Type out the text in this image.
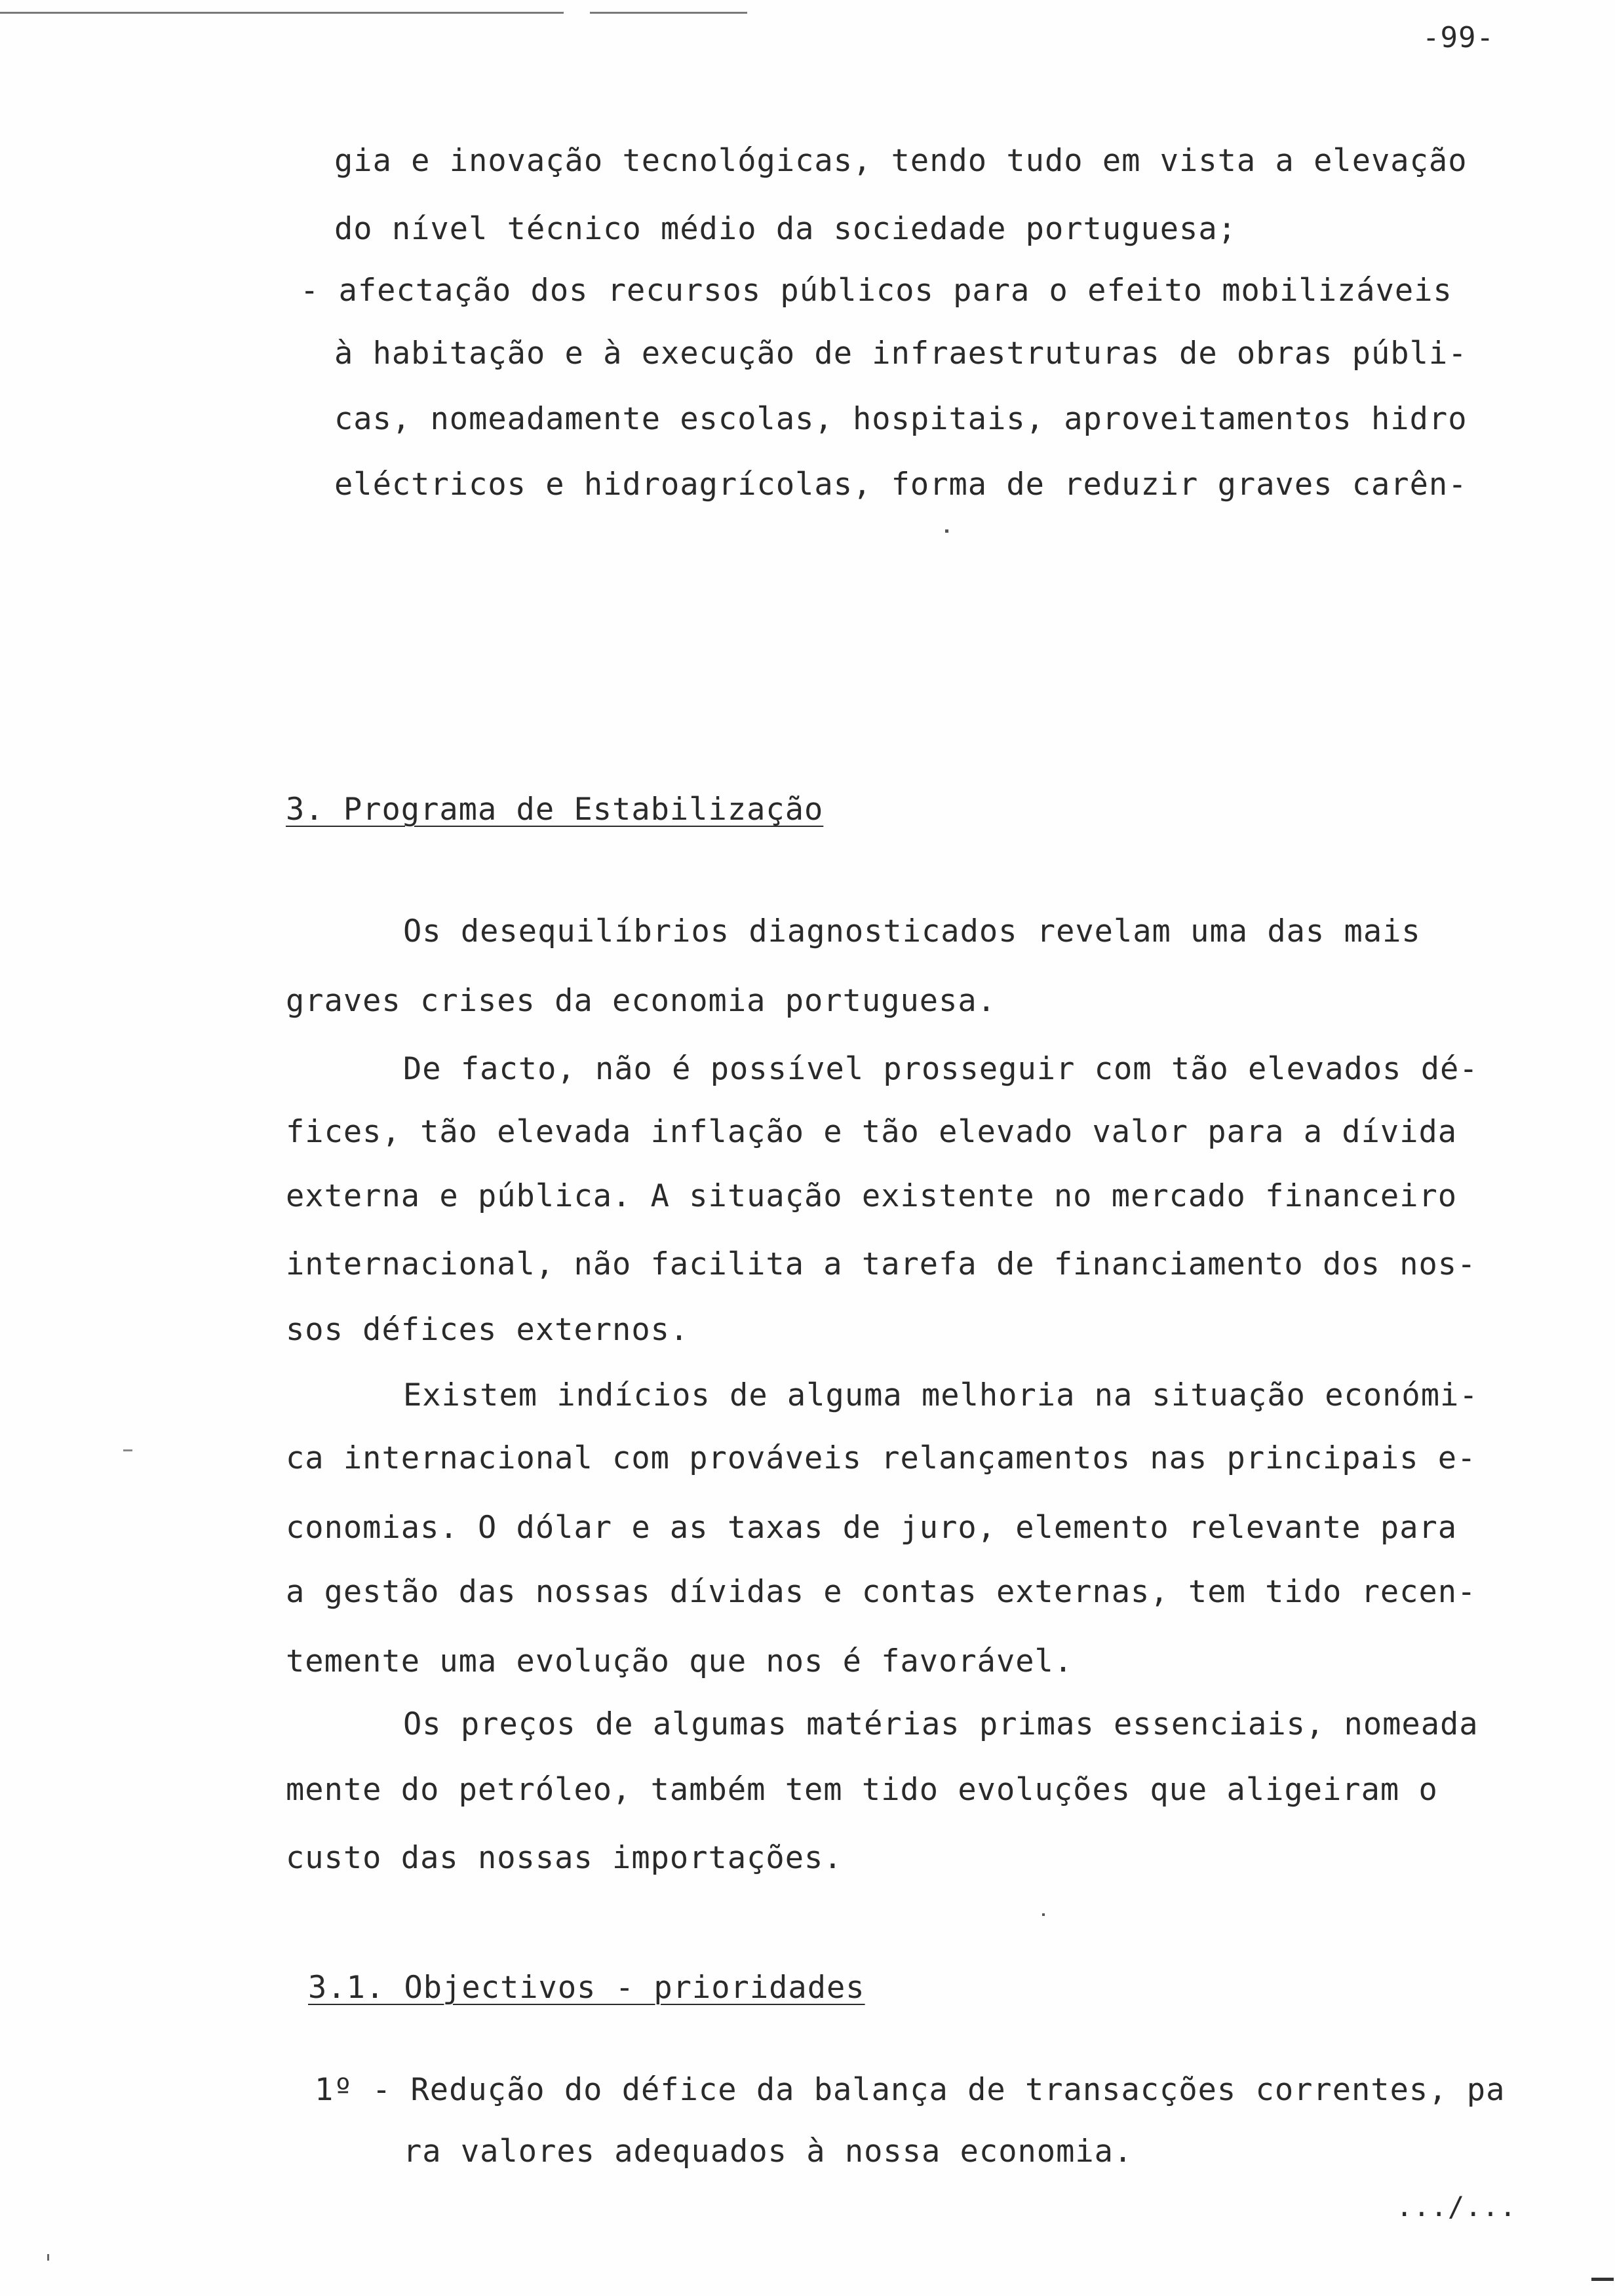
-99-
gia e inovação tecnológicas, tendo tudo em vista a elevação
do nível técnico médio da sociedade portuguesa;
- afectação dos recursos públicos para o efeito mobilizáveis
à habitação e à execução de infraestruturas de obras públi-
cas, nomeadamente escolas, hospitais, aproveitamentos hidro
eléctricos e hidroagrícolas, forma de reduzir graves carên-
3. Programa de Estabilização
Os desequilíbrios diagnosticados revelam uma das mais
graves crises da economia portuguesa.
De facto, não é possível prosseguir com tão elevados dé-
fices, tão elevada inflação e tão elevado valor para a dívida
externa e pública. A situação existente no mercado financeiro
internacional, não facilita a tarefa de financiamento dos nos-
sos défices externos.
Existem indícios de alguma melhoria na situação económi-
ca internacional com prováveis relançamentos nas principais e-
conomias. O dólar e as taxas de juro, elemento relevante para
a gestão das nossas dívidas e contas externas, tem tido recen-
temente uma evolução que nos é favorável.
Os preços de algumas matérias primas essenciais, nomeada
mente do petróleo, também tem tido evoluções que aligeiram o
custo das nossas importações.
3.1. Objectivos - prioridades
1º - Redução do défice da balança de transacções correntes, pa
ra valores adequados à nossa economia.
.../...
